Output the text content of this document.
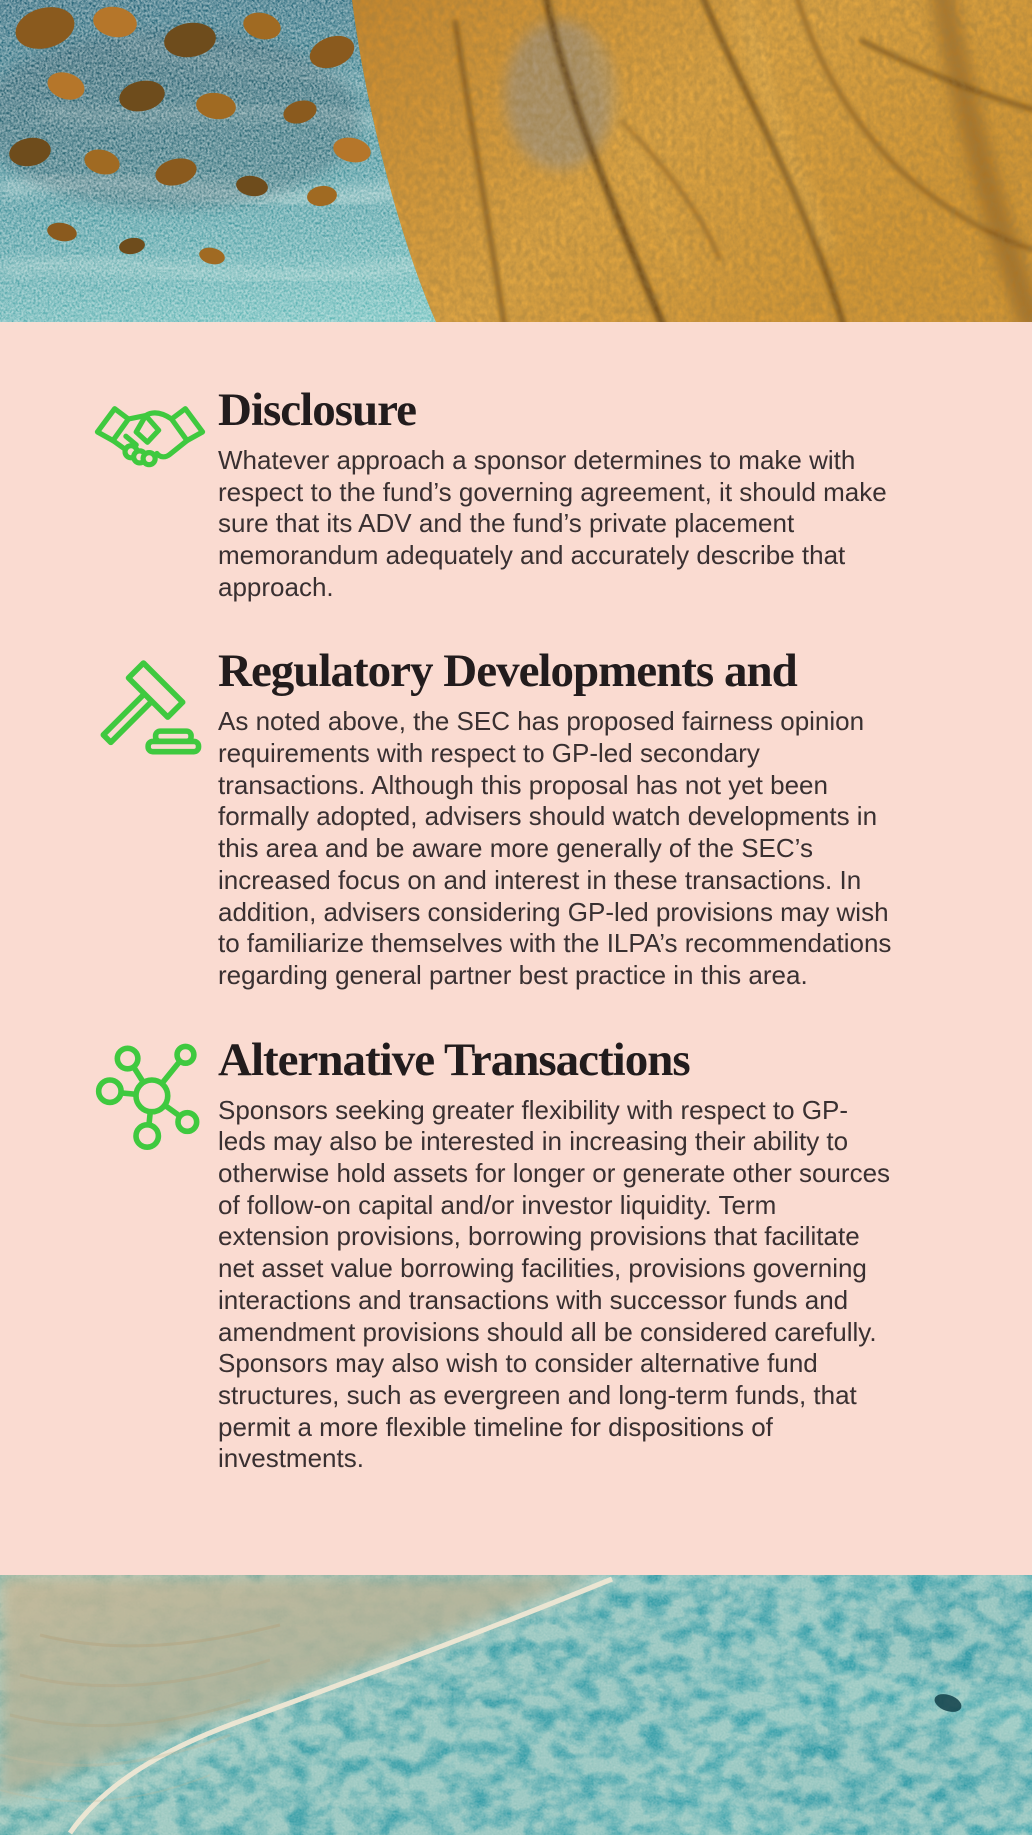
Disclosure

Whatever approach a sponsor determines to make with respect to the fund’s governing agreement, it should make sure that its ADV and the fund’s private placement memorandum adequately and accurately describe that approach.

Regulatory Developments and

As noted above, the SEC has proposed fairness opinion requirements with respect to GP-led secondary transactions. Although this proposal has not yet been formally adopted, advisers should watch developments in this area and be aware more generally of the SEC’s increased focus on and interest in these transactions. In addition, advisers considering GP-led provisions may wish to familiarize themselves with the ILPA’s recommendations regarding general partner best practice in this area.

Alternative Transactions

Sponsors seeking greater flexibility with respect to GP-leds may also be interested in increasing their ability to otherwise hold assets for longer or generate other sources of follow-on capital and/or investor liquidity. Term extension provisions, borrowing provisions that facilitate net asset value borrowing facilities, provisions governing interactions and transactions with successor funds and amendment provisions should all be considered carefully. Sponsors may also wish to consider alternative fund structures, such as evergreen and long-term funds, that permit a more flexible timeline for dispositions of investments.
